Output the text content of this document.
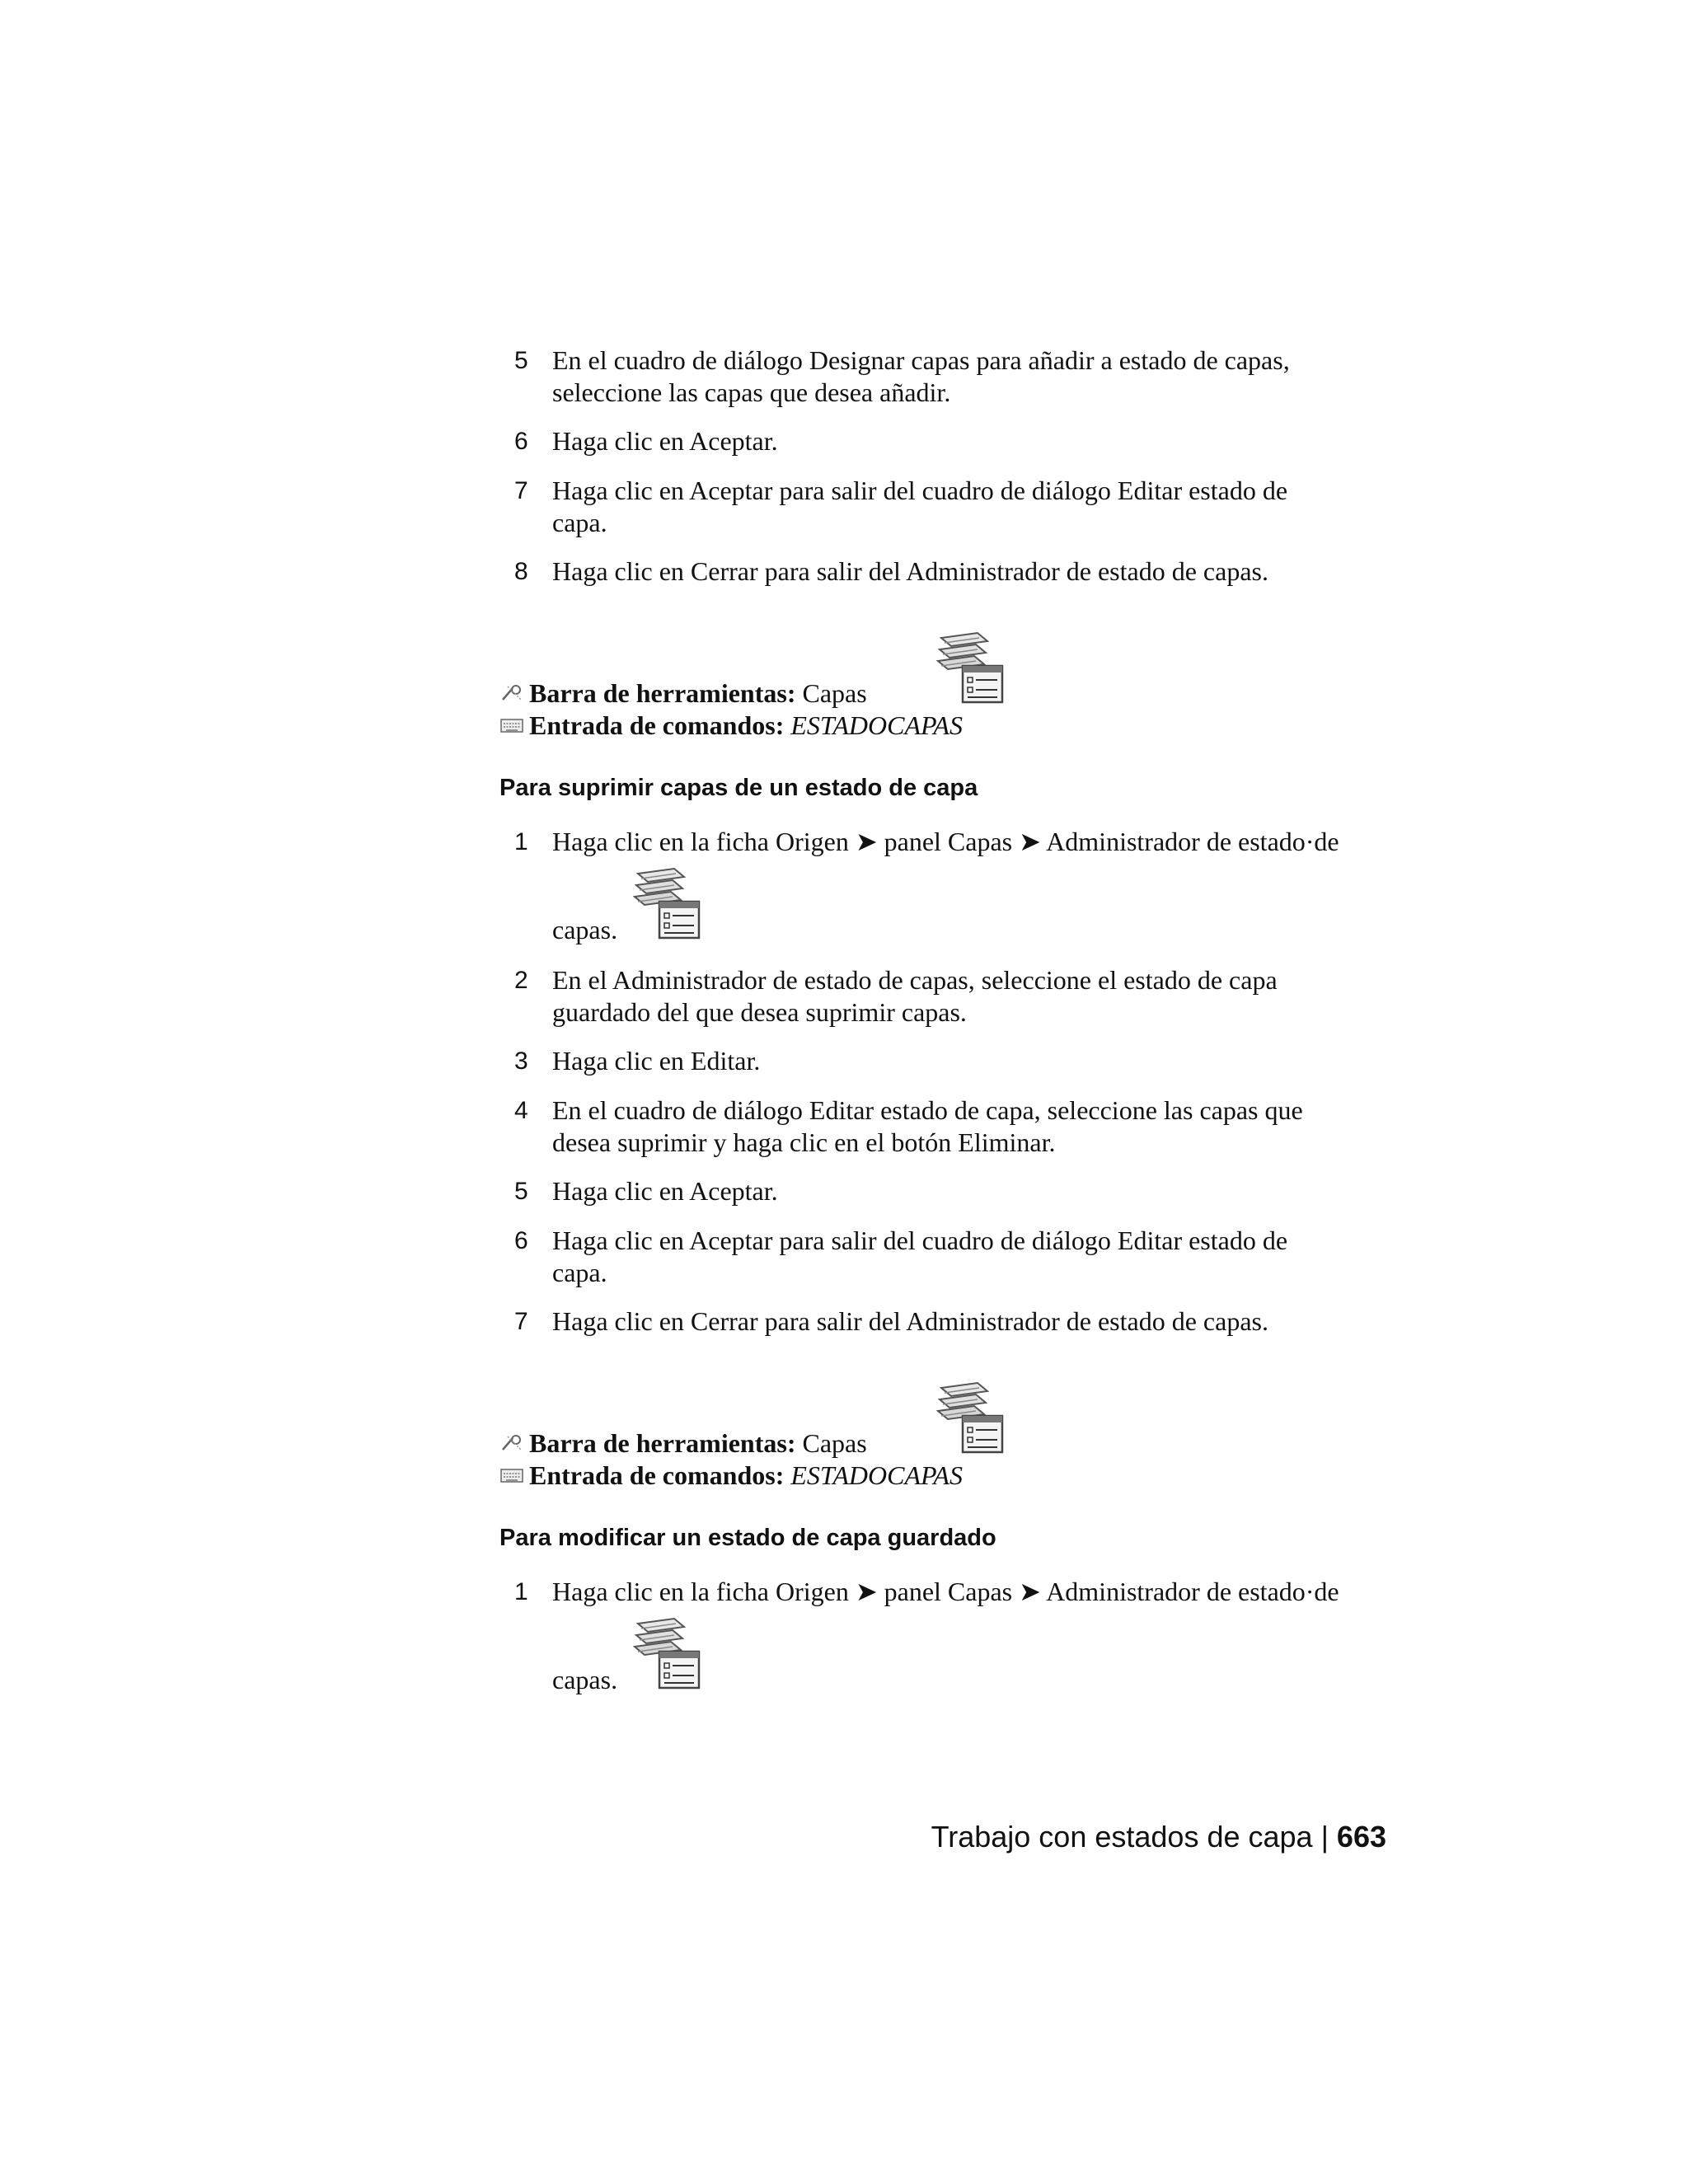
5 En el cuadro de diálogo Designar capas para añadir a estado de capas,
seleccione las capas que desea añadir.
6 Haga clic en Aceptar.
7 Haga clic en Aceptar para salir del cuadro de diálogo Editar estado de
capa.
8 Haga clic en Cerrar para salir del Administrador de estado de capas.
Barra de herramientas: Capas
Entrada de comandos: ESTADOCAPAS
Para suprimir capas de un estado de capa
1 Haga clic en la ficha Origen ➤ panel Capas ➤ Administrador de estado·de
capas.
2 En el Administrador de estado de capas, seleccione el estado de capa
guardado del que desea suprimir capas.
3 Haga clic en Editar.
4 En el cuadro de diálogo Editar estado de capa, seleccione las capas que
desea suprimir y haga clic en el botón Eliminar.
5 Haga clic en Aceptar.
6 Haga clic en Aceptar para salir del cuadro de diálogo Editar estado de
capa.
7 Haga clic en Cerrar para salir del Administrador de estado de capas.
Barra de herramientas: Capas
Entrada de comandos: ESTADOCAPAS
Para modificar un estado de capa guardado
1 Haga clic en la ficha Origen ➤ panel Capas ➤ Administrador de estado·de
capas.
Trabajo con estados de capa | 663
